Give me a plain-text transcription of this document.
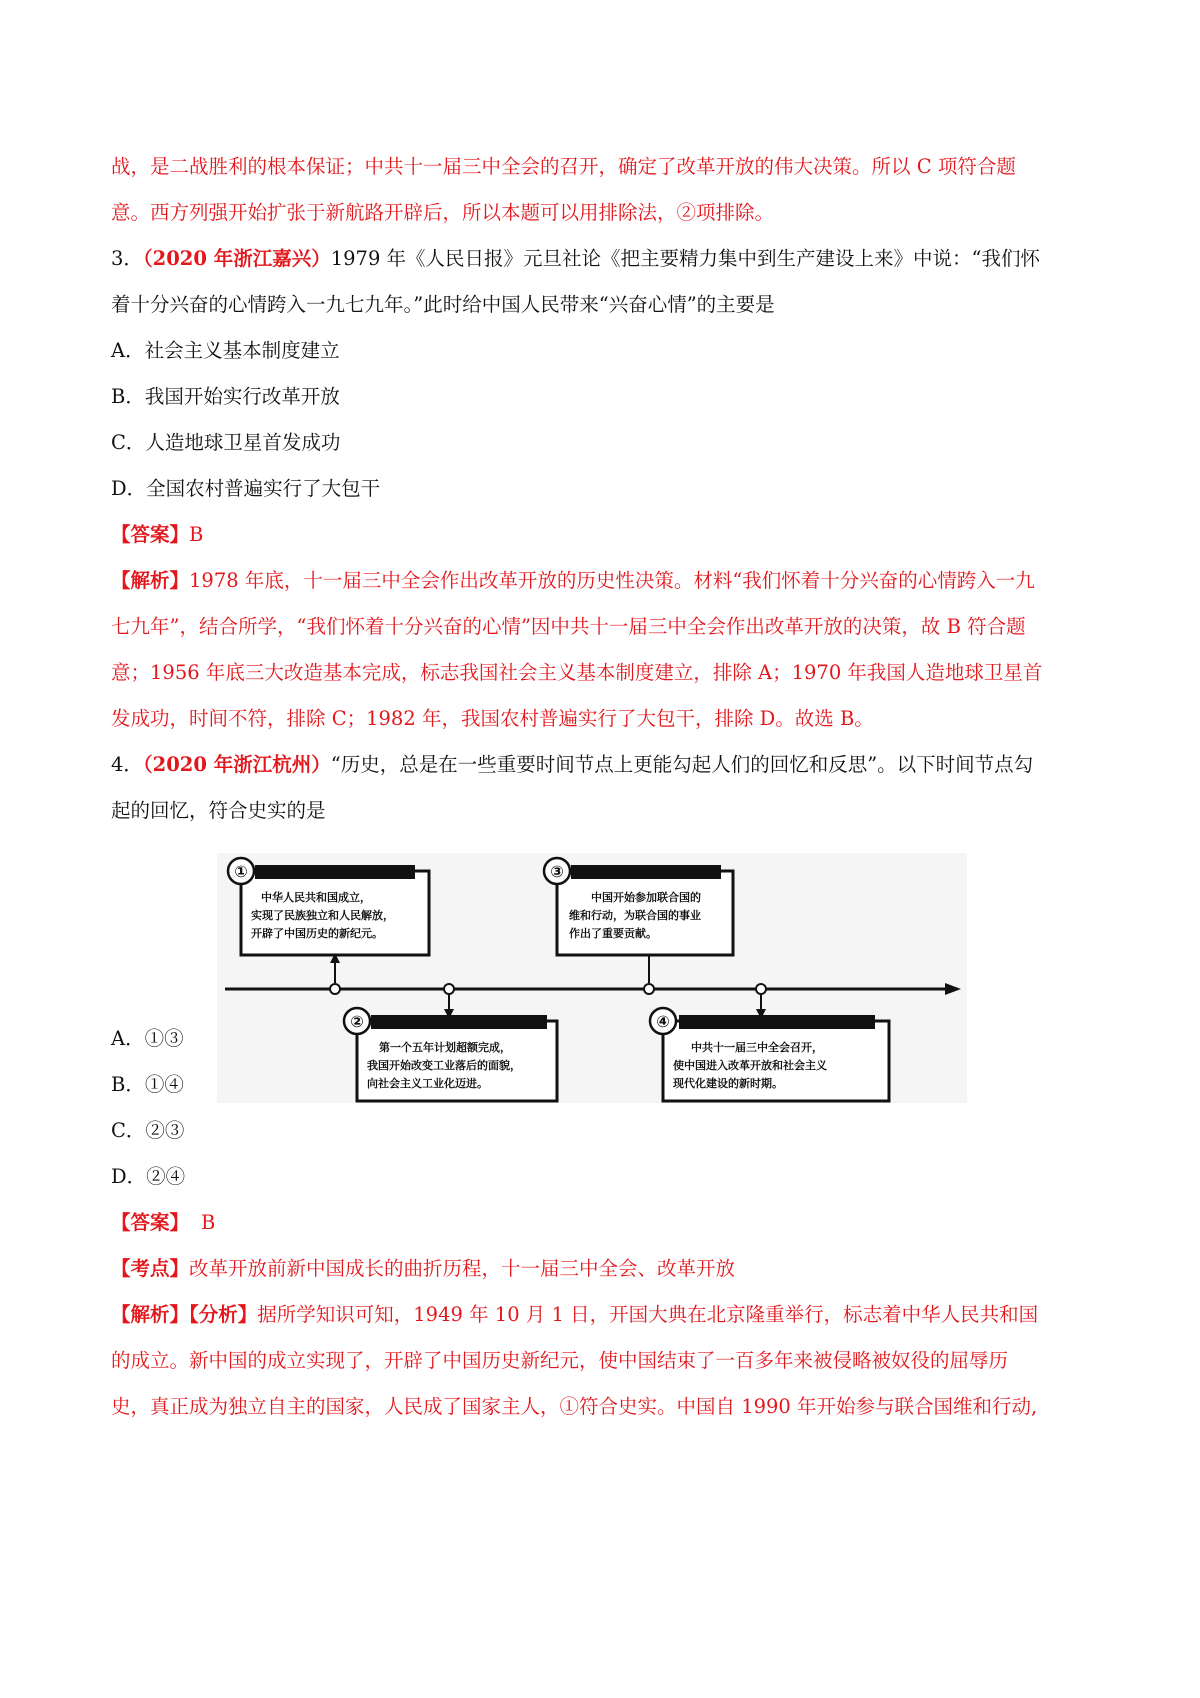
战，是二战胜利的根本保证；中共十一届三中全会的召开，确定了改革开放的伟大决策。所以 C 项符合题
意。西方列强开始扩张于新航路开辟后，所以本题可以用排除法，②项排除。
3．（2020 年浙江嘉兴）1979 年《人民日报》元旦社论《把主要精力集中到生产建设上来》中说：“我们怀
着十分兴奋的心情跨入一九七九年。”此时给中国人民带来“兴奋心情”的主要是
A．社会主义基本制度建立
B．我国开始实行改革开放
C．人造地球卫星首发成功
D．全国农村普遍实行了大包干
【答案】B
【解析】1978 年底，十一届三中全会作出改革开放的历史性决策。材料“我们怀着十分兴奋的心情跨入一九
七九年”，结合所学，“我们怀着十分兴奋的心情”因中共十一届三中全会作出改革开放的决策，故 B 符合题
意；1956 年底三大改造基本完成，标志我国社会主义基本制度建立，排除 A；1970 年我国人造地球卫星首
发成功，时间不符，排除 C；1982 年，我国农村普遍实行了大包干，排除 D。故选 B。
4．（2020 年浙江杭州）“历史，总是在一些重要时间节点上更能勾起人们的回忆和反思”。以下时间节点勾
起的回忆，符合史实的是
①
中华人民共和国成立，
实现了民族独立和人民解放，
开辟了中国历史的新纪元。
②
第一个五年计划超额完成，
我国开始改变工业落后的面貌，
向社会主义工业化迈进。
③
中国开始参加联合国的
维和行动，为联合国的事业
作出了重要贡献。
④
中共十一届三中全会召开，
使中国进入改革开放和社会主义
现代化建设的新时期。
A．①③
B．①④
C．②③
D．②④
【答案】 B
【考点】改革开放前新中国成长的曲折历程，十一届三中全会、改革开放
【解析】【分析】据所学知识可知，1949 年 10 月 1 日，开国大典在北京隆重举行，标志着中华人民共和国
的成立。新中国的成立实现了，开辟了中国历史新纪元，使中国结束了一百多年来被侵略被奴役的屈辱历
史，真正成为独立自主的国家，人民成了国家主人，①符合史实。中国自 1990 年开始参与联合国维和行动,
